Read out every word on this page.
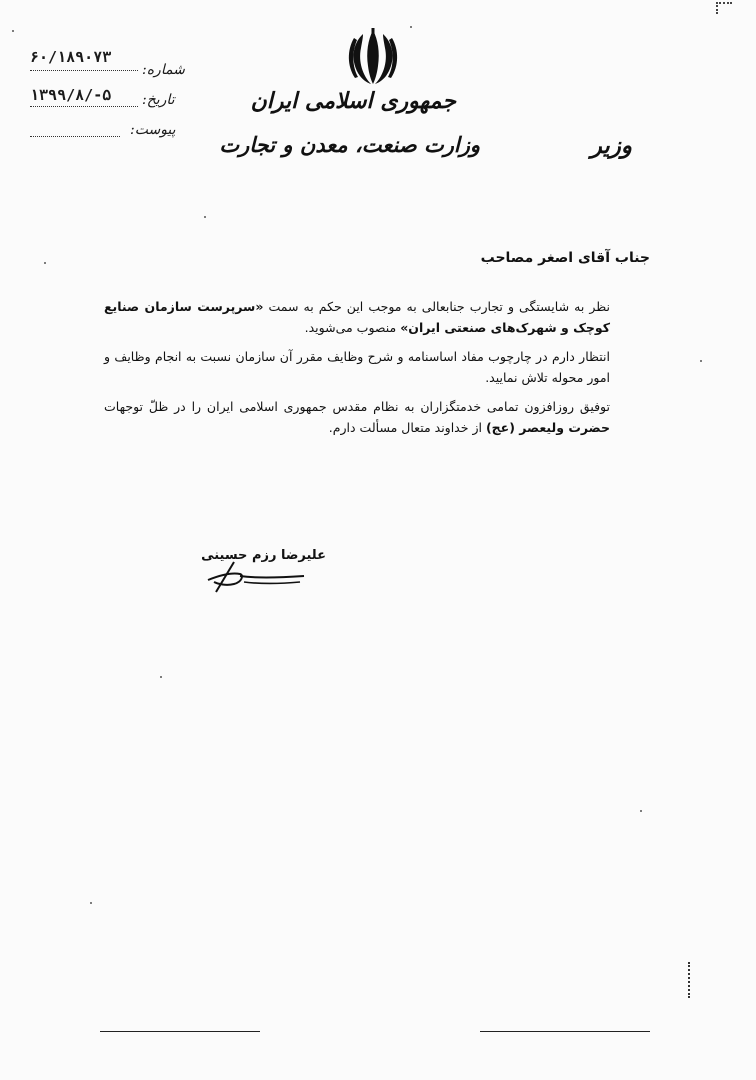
۶۰/۱۸۹۰۷۳
شماره:
۱۳۹۹/۸/-۵ تاریخ:
پیوست:
جمهوری اسلامی ایران
وزارت صنعت، معدن و تجارت	وزیر
جناب آقای اصغر مصاحب

نظر به شایستگی و تجارب جنابعالی به موجب این حکم به سمت «سرپرست سازمان صنایع کوچک و شهرک‌های صنعتی ایران» منصوب می‌شوید.

انتظار دارم در چارچوب مفاد اساسنامه و شرح وظایف مقرر آن سازمان نسبت به انجام وظایف و امور محوله تلاش نمایید.

توفیق روزافزون تمامی خدمتگزاران به نظام مقدس جمهوری اسلامی ایران را در ظلّ توجهات حضرت ولیعصر (عج) از خداوند متعال مسألت دارم.

علیرضا رزم حسینی
